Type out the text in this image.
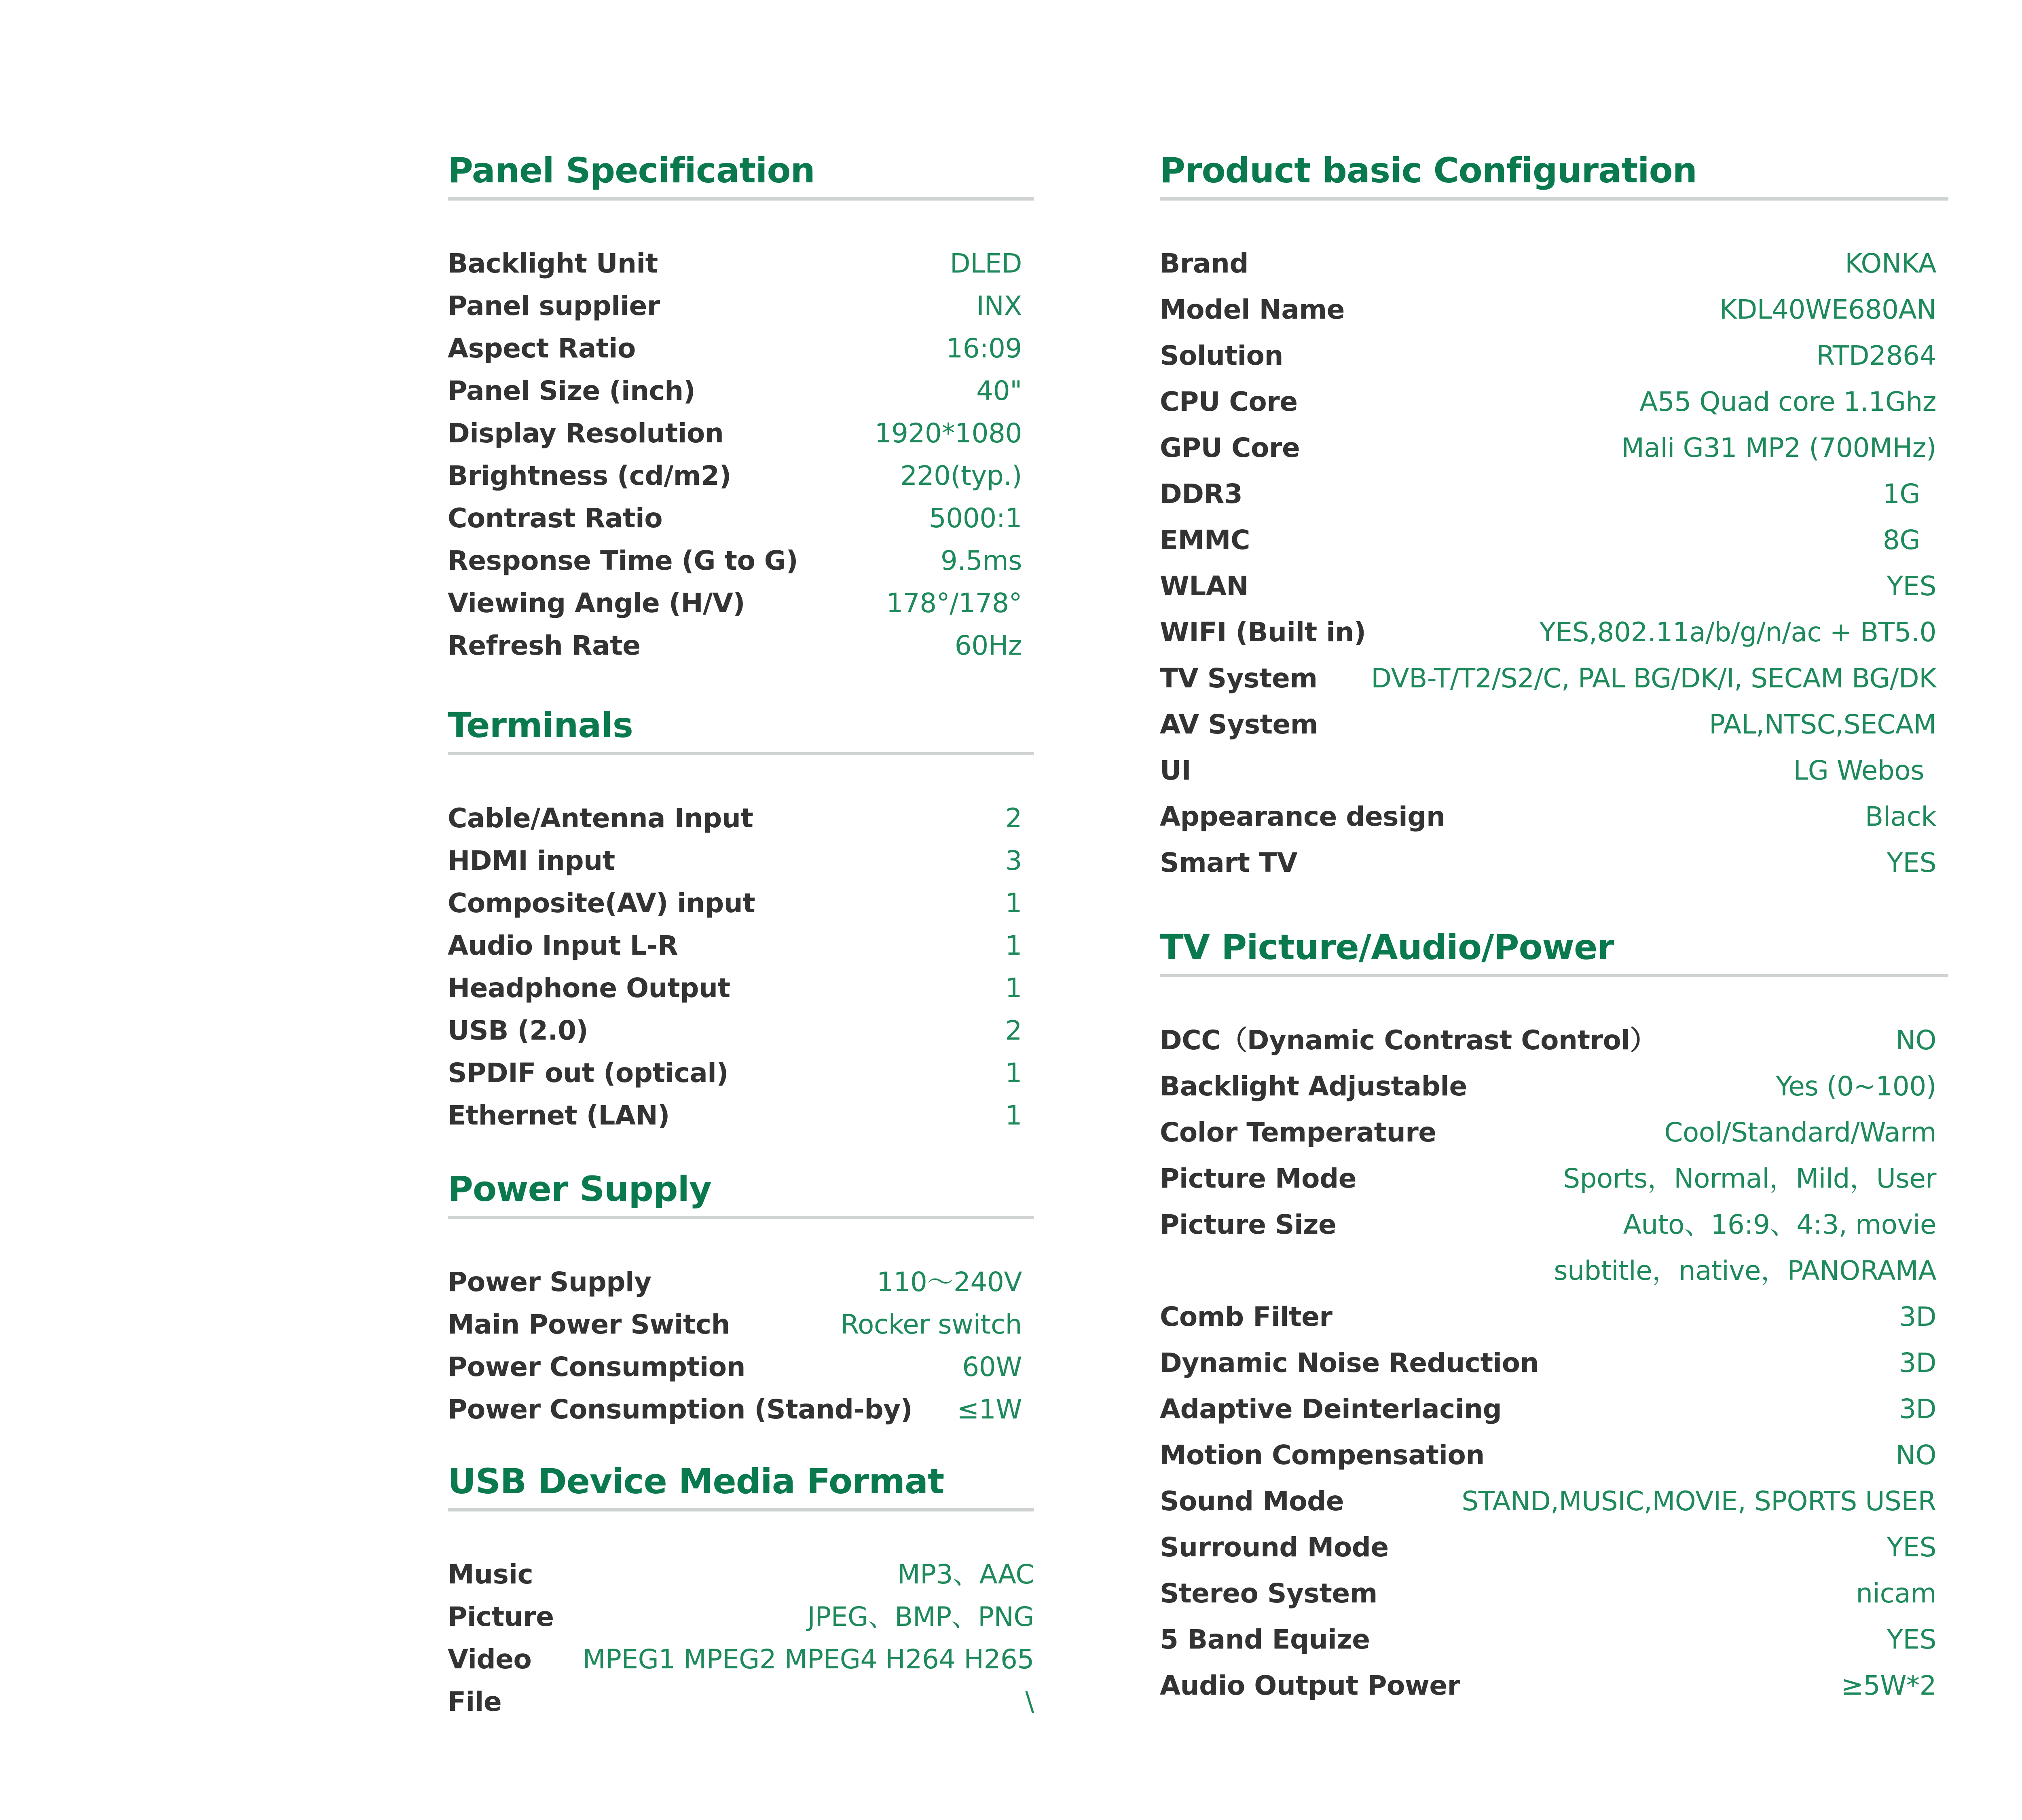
Panel Specification
Backlight Unit	DLED
Panel supplier	INX
Aspect Ratio	16:09
Panel Size (inch)	40"
Display Resolution	1920*1080
Brightness (cd/m2)	220(typ.)
Contrast Ratio	5000:1
Response Time (G to G)	9.5ms
Viewing Angle (H/V)	178°/178°
Refresh Rate	60Hz
Terminals
Cable/Antenna Input	2
HDMI input	3
Composite(AV) input	1
Audio Input L-R	1
Headphone Output	1
USB (2.0)	2
SPDIF out (optical)	1
Ethernet (LAN)	1
Power Supply
Power Supply	110～240V
Main Power Switch	Rocker switch
Power Consumption	60W
Power Consumption (Stand-by) ≤1W
USB Device Media Format
Music	MP3、AAC
Picture	JPEG、BMP、PNG
Video MPEG1 MPEG2 MPEG4 H264 H265
File	\
Product basic Configuration
Brand	KONKA
Model Name	KDL40WE680AN
Solution	RTD2864
CPU Core	A55 Quad core 1.1Ghz
GPU Core	Mali G31 MP2 (700MHz)
DDR3	1G
EMMC	8G
WLAN	YES
WIFI (Built in)	YES,802.11a/b/g/n/ac + BT5.0
TV System DVB-T/T2/S2/C, PAL BG/DK/I, SECAM BG/DK
AV System	PAL,NTSC,SECAM
UI	LG Webos
Appearance design	Black
Smart TV	YES
TV Picture/Audio/Power
DCC（Dynamic Contrast Control）	NO
Backlight Adjustable	Yes (0~100)
Color Temperature	Cool/Standard/Warm
Picture Mode	Sports，Normal，Mild，User
Picture Size	Auto、16:9、4:3, movie
subtitle，native，PANORAMA
Comb Filter	3D
Dynamic Noise Reduction	3D
Adaptive Deinterlacing	3D
Motion Compensation	NO
Sound Mode	STAND,MUSIC,MOVIE, SPORTS USER
Surround Mode	YES
Stereo System	nicam
5 Band Equize	YES
Audio Output Power	≥5W*2
